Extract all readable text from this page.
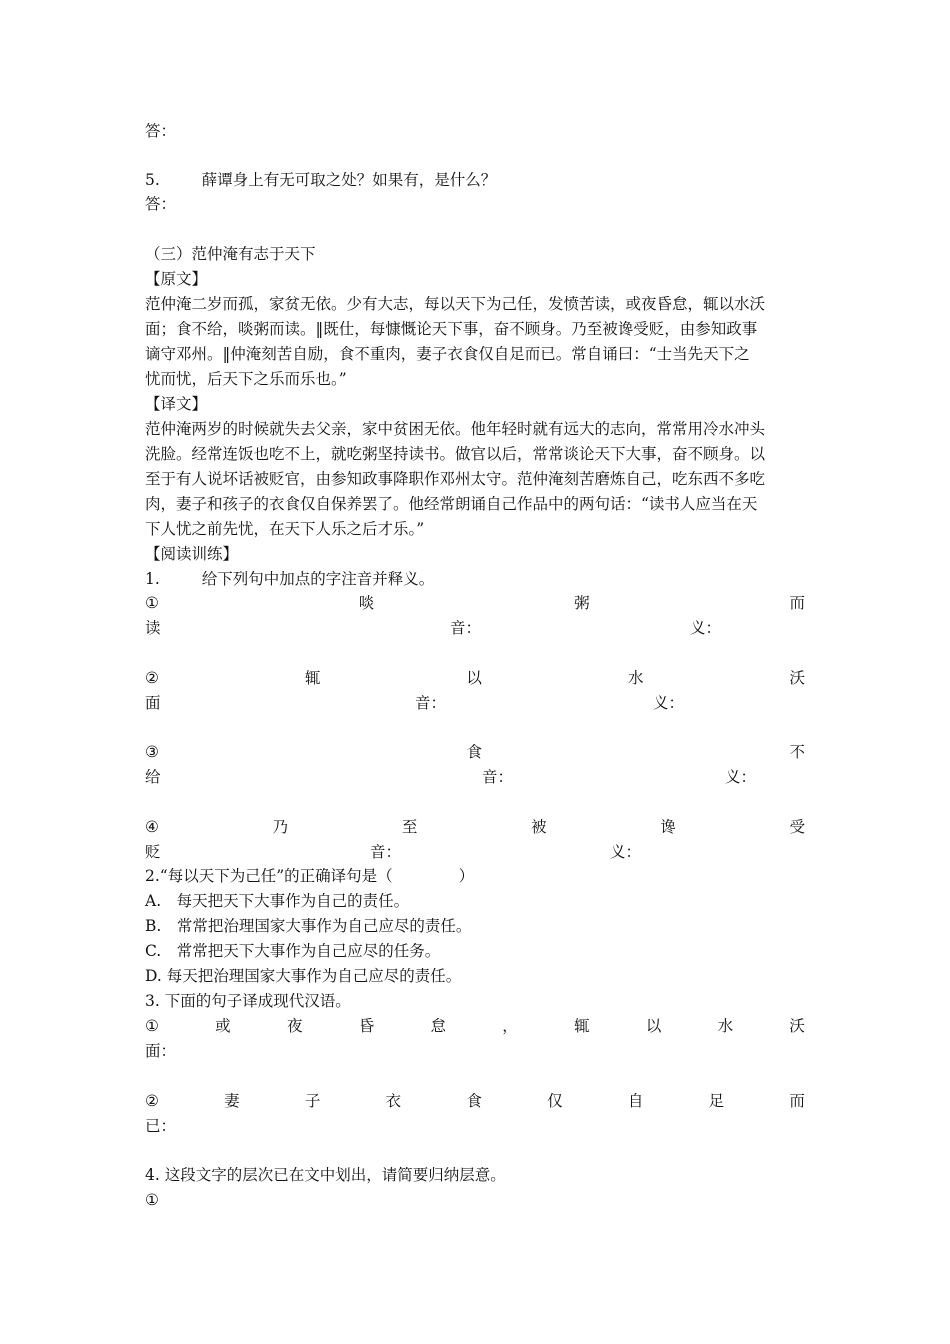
答：
5.	薛谭身上有无可取之处？如果有，是什么？
答：
（三）范仲淹有志于天下
【原文】
范仲淹二岁而孤，家贫无依。少有大志，每以天下为己任，发愤苦读，或夜昏怠，辄以水沃
面；食不给，啖粥而读。‖既仕，每慷慨论天下事，奋不顾身。乃至被谗受贬，由参知政事
谪守邓州。‖仲淹刻苦自励，食不重肉，妻子衣食仅自足而已。常自诵曰：“士当先天下之
忧而忧，后天下之乐而乐也。”
【译文】
范仲淹两岁的时候就失去父亲，家中贫困无依。他年轻时就有远大的志向，常常用冷水冲头
洗脸。经常连饭也吃不上，就吃粥坚持读书。做官以后，常常谈论天下大事，奋不顾身。以
至于有人说坏话被贬官，由参知政事降职作邓州太守。范仲淹刻苦磨炼自己，吃东西不多吃
肉，妻子和孩子的衣食仅自保养罢了。他经常朗诵自己作品中的两句话：“读书人应当在天
下人忧之前先忧，在天下人乐之后才乐。”
【阅读训练】
1.	给下列句中加点的字注音并释义。
①	啖	粥	而
读	音：	义：
②	辄	以	水	沃
面	音：	义：
③	食	不
给	音：	义：
④	乃	至	被	谗	受
贬	音：	义：
2.“每以天下为己任”的正确译句是（	）
A.　每天把天下大事作为自己的责任。
B.　常常把治理国家大事作为自己应尽的责任。
C.　常常把天下大事作为自己应尽的任务。
D. 每天把治理国家大事作为自己应尽的责任。
3. 下面的句子译成现代汉语。
①	或	夜	昏	怠	，	辄	以	水	沃
面：
②	妻	子	衣	食	仅	自	足	而
已：
4. 这段文字的层次已在文中划出，请简要归纳层意。
①
